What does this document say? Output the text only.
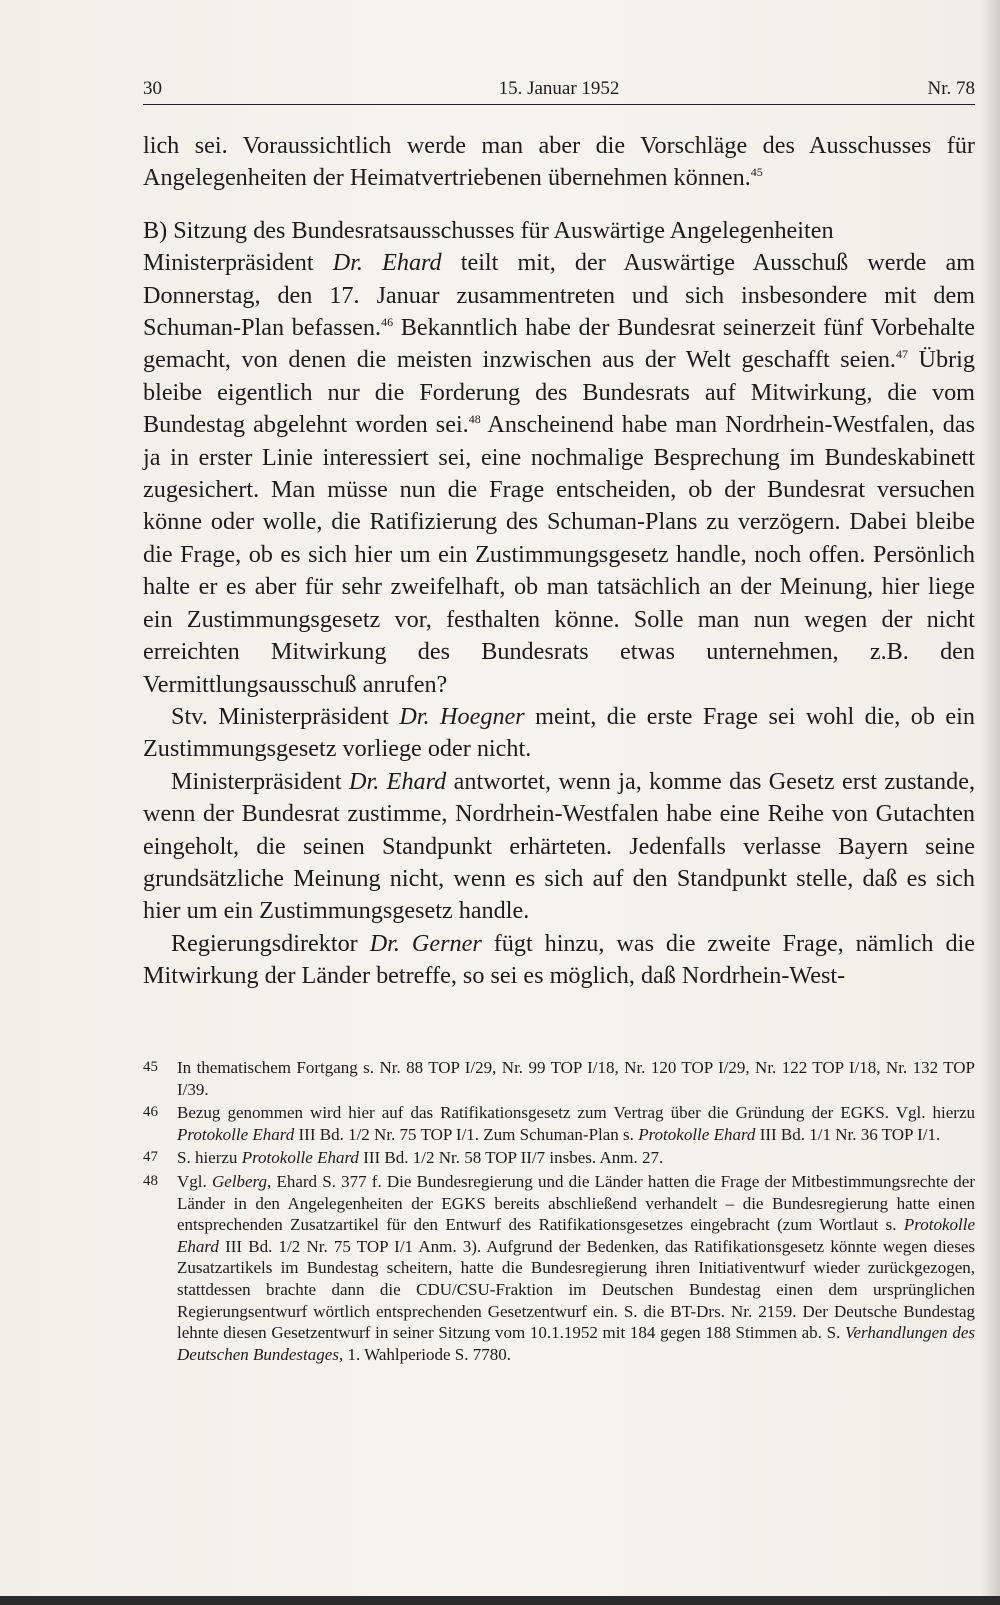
30	15. Januar 1952	Nr. 78

lich sei. Voraussichtlich werde man aber die Vorschläge des Ausschusses für Angelegenheiten der Heimatvertriebenen übernehmen können.$^{45}$

B) Sitzung des Bundesratsausschusses für Auswärtige Angelegenheiten

Ministerpräsident Dr. Ehard teilt mit, der Auswärtige Ausschuß werde am Donnerstag, den 17. Januar zusammentreten und sich insbesondere mit dem Schuman-Plan befassen.$^{46}$ Bekanntlich habe der Bundesrat seinerzeit fünf Vorbehalte gemacht, von denen die meisten inzwischen aus der Welt geschafft seien.$^{47}$ Übrig bleibe eigentlich nur die Forderung des Bundesrats auf Mitwirkung, die vom Bundestag abgelehnt worden sei.$^{48}$ Anscheinend habe man Nordrhein-Westfalen, das ja in erster Linie interessiert sei, eine nochmalige Besprechung im Bundeskabinett zugesichert. Man müsse nun die Frage entscheiden, ob der Bundesrat versuchen könne oder wolle, die Ratifizierung des Schuman-Plans zu verzögern. Dabei bleibe die Frage, ob es sich hier um ein Zustimmungsgesetz handle, noch offen. Persönlich halte er es aber für sehr zweifelhaft, ob man tatsächlich an der Meinung, hier liege ein Zustimmungsgesetz vor, festhalten könne. Solle man nun wegen der nicht erreichten Mitwirkung des Bundesrats etwas unternehmen, z.B. den Vermittlungsausschuß anrufen?

Stv. Ministerpräsident Dr. Hoegner meint, die erste Frage sei wohl die, ob ein Zustimmungsgesetz vorliege oder nicht.

Ministerpräsident Dr. Ehard antwortet, wenn ja, komme das Gesetz erst zustande, wenn der Bundesrat zustimme, Nordrhein-Westfalen habe eine Reihe von Gutachten eingeholt, die seinen Standpunkt erhärteten. Jedenfalls verlasse Bayern seine grundsätzliche Meinung nicht, wenn es sich auf den Standpunkt stelle, daß es sich hier um ein Zustimmungsgesetz handle.

Regierungsdirektor Dr. Gerner fügt hinzu, was die zweite Frage, nämlich die Mitwirkung der Länder betreffe, so sei es möglich, daß Nordrhein-West-

45 In thematischem Fortgang s. Nr. 88 TOP I/29, Nr. 99 TOP I/18, Nr. 120 TOP I/29, Nr. 122 TOP I/18, Nr. 132 TOP I/39.
46 Bezug genommen wird hier auf das Ratifikationsgesetz zum Vertrag über die Gründung der EGKS. Vgl. hierzu Protokolle Ehard III Bd. 1/2 Nr. 75 TOP I/1. Zum Schuman-Plan s. Protokolle Ehard III Bd. 1/1 Nr. 36 TOP I/1.
47 S. hierzu Protokolle Ehard III Bd. 1/2 Nr. 58 TOP II/7 insbes. Anm. 27.
48 Vgl. Gelberg, Ehard S. 377 f. Die Bundesregierung und die Länder hatten die Frage der Mitbestimmungsrechte der Länder in den Angelegenheiten der EGKS bereits abschließend verhandelt – die Bundesregierung hatte einen entsprechenden Zusatzartikel für den Entwurf des Ratifikationsgesetzes eingebracht (zum Wortlaut s. Protokolle Ehard III Bd. 1/2 Nr. 75 TOP I/1 Anm. 3). Aufgrund der Bedenken, das Ratifikationsgesetz könnte wegen dieses Zusatzartikels im Bundestag scheitern, hatte die Bundesregierung ihren Initiativentwurf wieder zurückgezogen, stattdessen brachte dann die CDU/CSU-Fraktion im Deutschen Bundestag einen dem ursprünglichen Regierungsentwurf wörtlich entsprechenden Gesetzentwurf ein. S. die BT-Drs. Nr. 2159. Der Deutsche Bundestag lehnte diesen Gesetzentwurf in seiner Sitzung vom 10.1.1952 mit 184 gegen 188 Stimmen ab. S. Verhandlungen des Deutschen Bundestages, 1. Wahlperiode S. 7780.
